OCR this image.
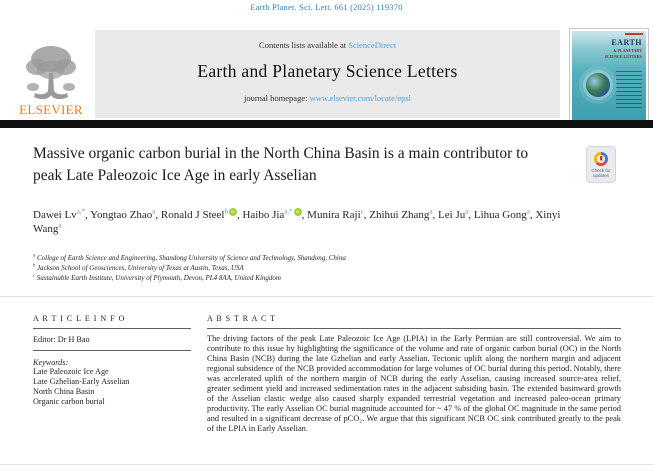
Earth Planet. Sci. Lett. 661 (2025) 119370
ELSEVIER
Contents lists available at ScienceDirect
Earth and Planetary Science Letters
journal homepage: www.elsevier.com/locate/epsl
EARTH
& PLANETARY
SCIENCE LETTERS
Massive organic carbon burial in the North China Basin is a main contributor to peak Late Paleozoic Ice Age in early Asselian	Check for
updates
Dawei $Lv^{a,*}$, Yongtao Zhao$^a$, Ronald J Steel$^b$ iD , Haibo Jia$^{a,*}$ iD , Munira Raji$^c$, Zhihui Zhang$^a$, Lei Ju$^a$, Lihua Gong$^a$, Xinyi Wang$^a$
$^a$ College of Earth Science and Engineering, Shandong University of Science and Technology, Shandong, China
$^b$ Jackson School of Geosciences, University of Texas at Austin, Texas, USA
$^c$ Sustainable Earth Institute, University of Plymouth, Devon, PL4 8AA, United Kingdom
A R T I C L E I N F O
Editor: Dr H Bao
Keywords:
Late Paleozoic Ice Age
Late Gzhelian-Early Asselian
North China Basin
Organic carbon burial
A B S T R A C T

The driving factors of the peak Late Paleozoic Ice Age (LPIA) in the Early Permian are still controversial. We aim to contribute to this issue by highlighting the significance of the volume and rate of organic carbon burial (OC) in the North China Basin (NCB) during the late Gzhelian and early Asselian. Tectonic uplift along the northern margin and adjacent regional subsidence of the NCB provided accommodation for large volumes of OC burial during this period. Notably, there was accelerated uplift of the northern margin of NCB during the early Asselian, causing increased source-area relief, greater sediment yield and increased sedimentation rates in the adjacent subsiding basin. The extended basinward growth of the Asselian clastic wedge also caused sharply expanded terrestrial vegetation and increased paleo-ocean primary productivity. The early Asselian OC burial magnitude accounted for ~ 47 % of the global OC magnitude in the same period and resulted in a significant decrease of pCO₂. We argue that this significant NCB OC sink contributed greatly to the peak of the LPIA in Early Asselian.
